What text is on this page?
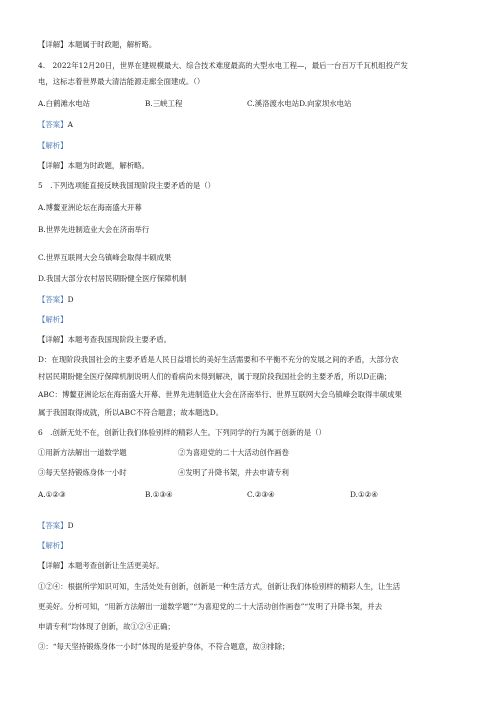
【详解】本题属于时政题，解析略。
4.　2022年12月20日，世界在建规模最大、综合技术难度最高的大型水电工程—，最后一台百万千瓦机组投产发
电，这标志着世界最大清洁能源走廊全面建成。（）
A.白鹤滩水电站	B.三峡工程	C.溪洛渡水电站D.向家坝水电站
【答案】A
【解析】
【详解】本题为时政题，解析略。
5　.下列选项能直接反映我国现阶段主要矛盾的是（）
A.博鳌亚洲论坛在海南盛大开幕
B.世界先进制造业大会在济南举行
C.世界互联网大会乌镇峰会取得丰硕成果
D.我国大部分农村居民期盼健全医疗保障机制
【答案】D
【解析】
【详解】本题考查我国现阶段主要矛盾。
D：在现阶段我国社会的主要矛盾是人民日益增长的美好生活需要和不平衡不充分的发展之间的矛盾，大部分农
村居民期盼健全医疗保障机制说明人们的看病尚未得到解决，属于现阶段我国社会的主要矛盾，所以D正确；
ABC：博鳌亚洲论坛在海南盛大开幕、世界先进制造业大会在济南举行、世界互联网大会乌镇峰会取得丰硕成果
属于我国取得成就，所以ABC不符合题意；故本题选D。
6　.创新无处不在，创新让我们体验别样的精彩人生。下列同学的行为属于创新的是（）
①用新方法解出一道数学题	②为喜迎党的二十大活动创作画卷
③每天坚持锻炼身体一小时	④发明了升降书架，并去申请专利
A.①②③	B.①③④	C.②③④	D.①②④
【答案】D
【解析】
【详解】本题考查创新让生活更美好。
①②④：根据所学知识可知，生活处处有创新，创新是一种生活方式，创新让我们体验别样的精彩人生，让生活
更美好。分析可知，“用新方法解出一道数学题”“为喜迎党的二十大活动创作画卷”“发明了升降书架，并去
申请专利”均体现了创新，故①②④正确；
③：“每天坚持锻炼身体一小时”体现的是爱护身体，不符合题意，故③排除；
